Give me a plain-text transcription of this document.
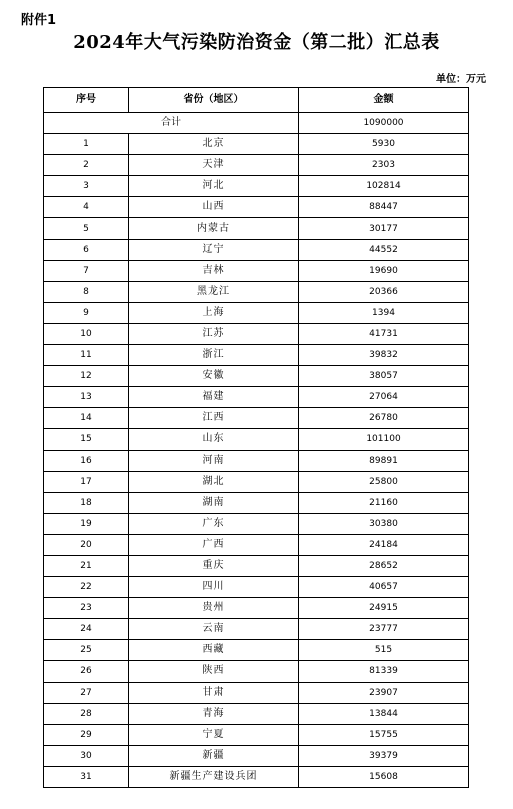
附件1
2024年大气污染防治资金（第二批）汇总表
单位：万元
序号	省份（地区）	金额
合计		1090000
1	北京	5930
2	天津	2303
3	河北	102814
4	山西	88447
5	内蒙古	30177
6	辽宁	44552
7	吉林	19690
8	黑龙江	20366
9	上海	1394
10	江苏	41731
11	浙江	39832
12	安徽	38057
13	福建	27064
14	江西	26780
15	山东	101100
16	河南	89891
17	湖北	25800
18	湖南	21160
19	广东	30380
20	广西	24184
21	重庆	28652
22	四川	40657
23	贵州	24915
24	云南	23777
25	西藏	515
26	陕西	81339
27	甘肃	23907
28	青海	13844
29	宁夏	15755
30	新疆	39379
31	新疆生产建设兵团	15608
